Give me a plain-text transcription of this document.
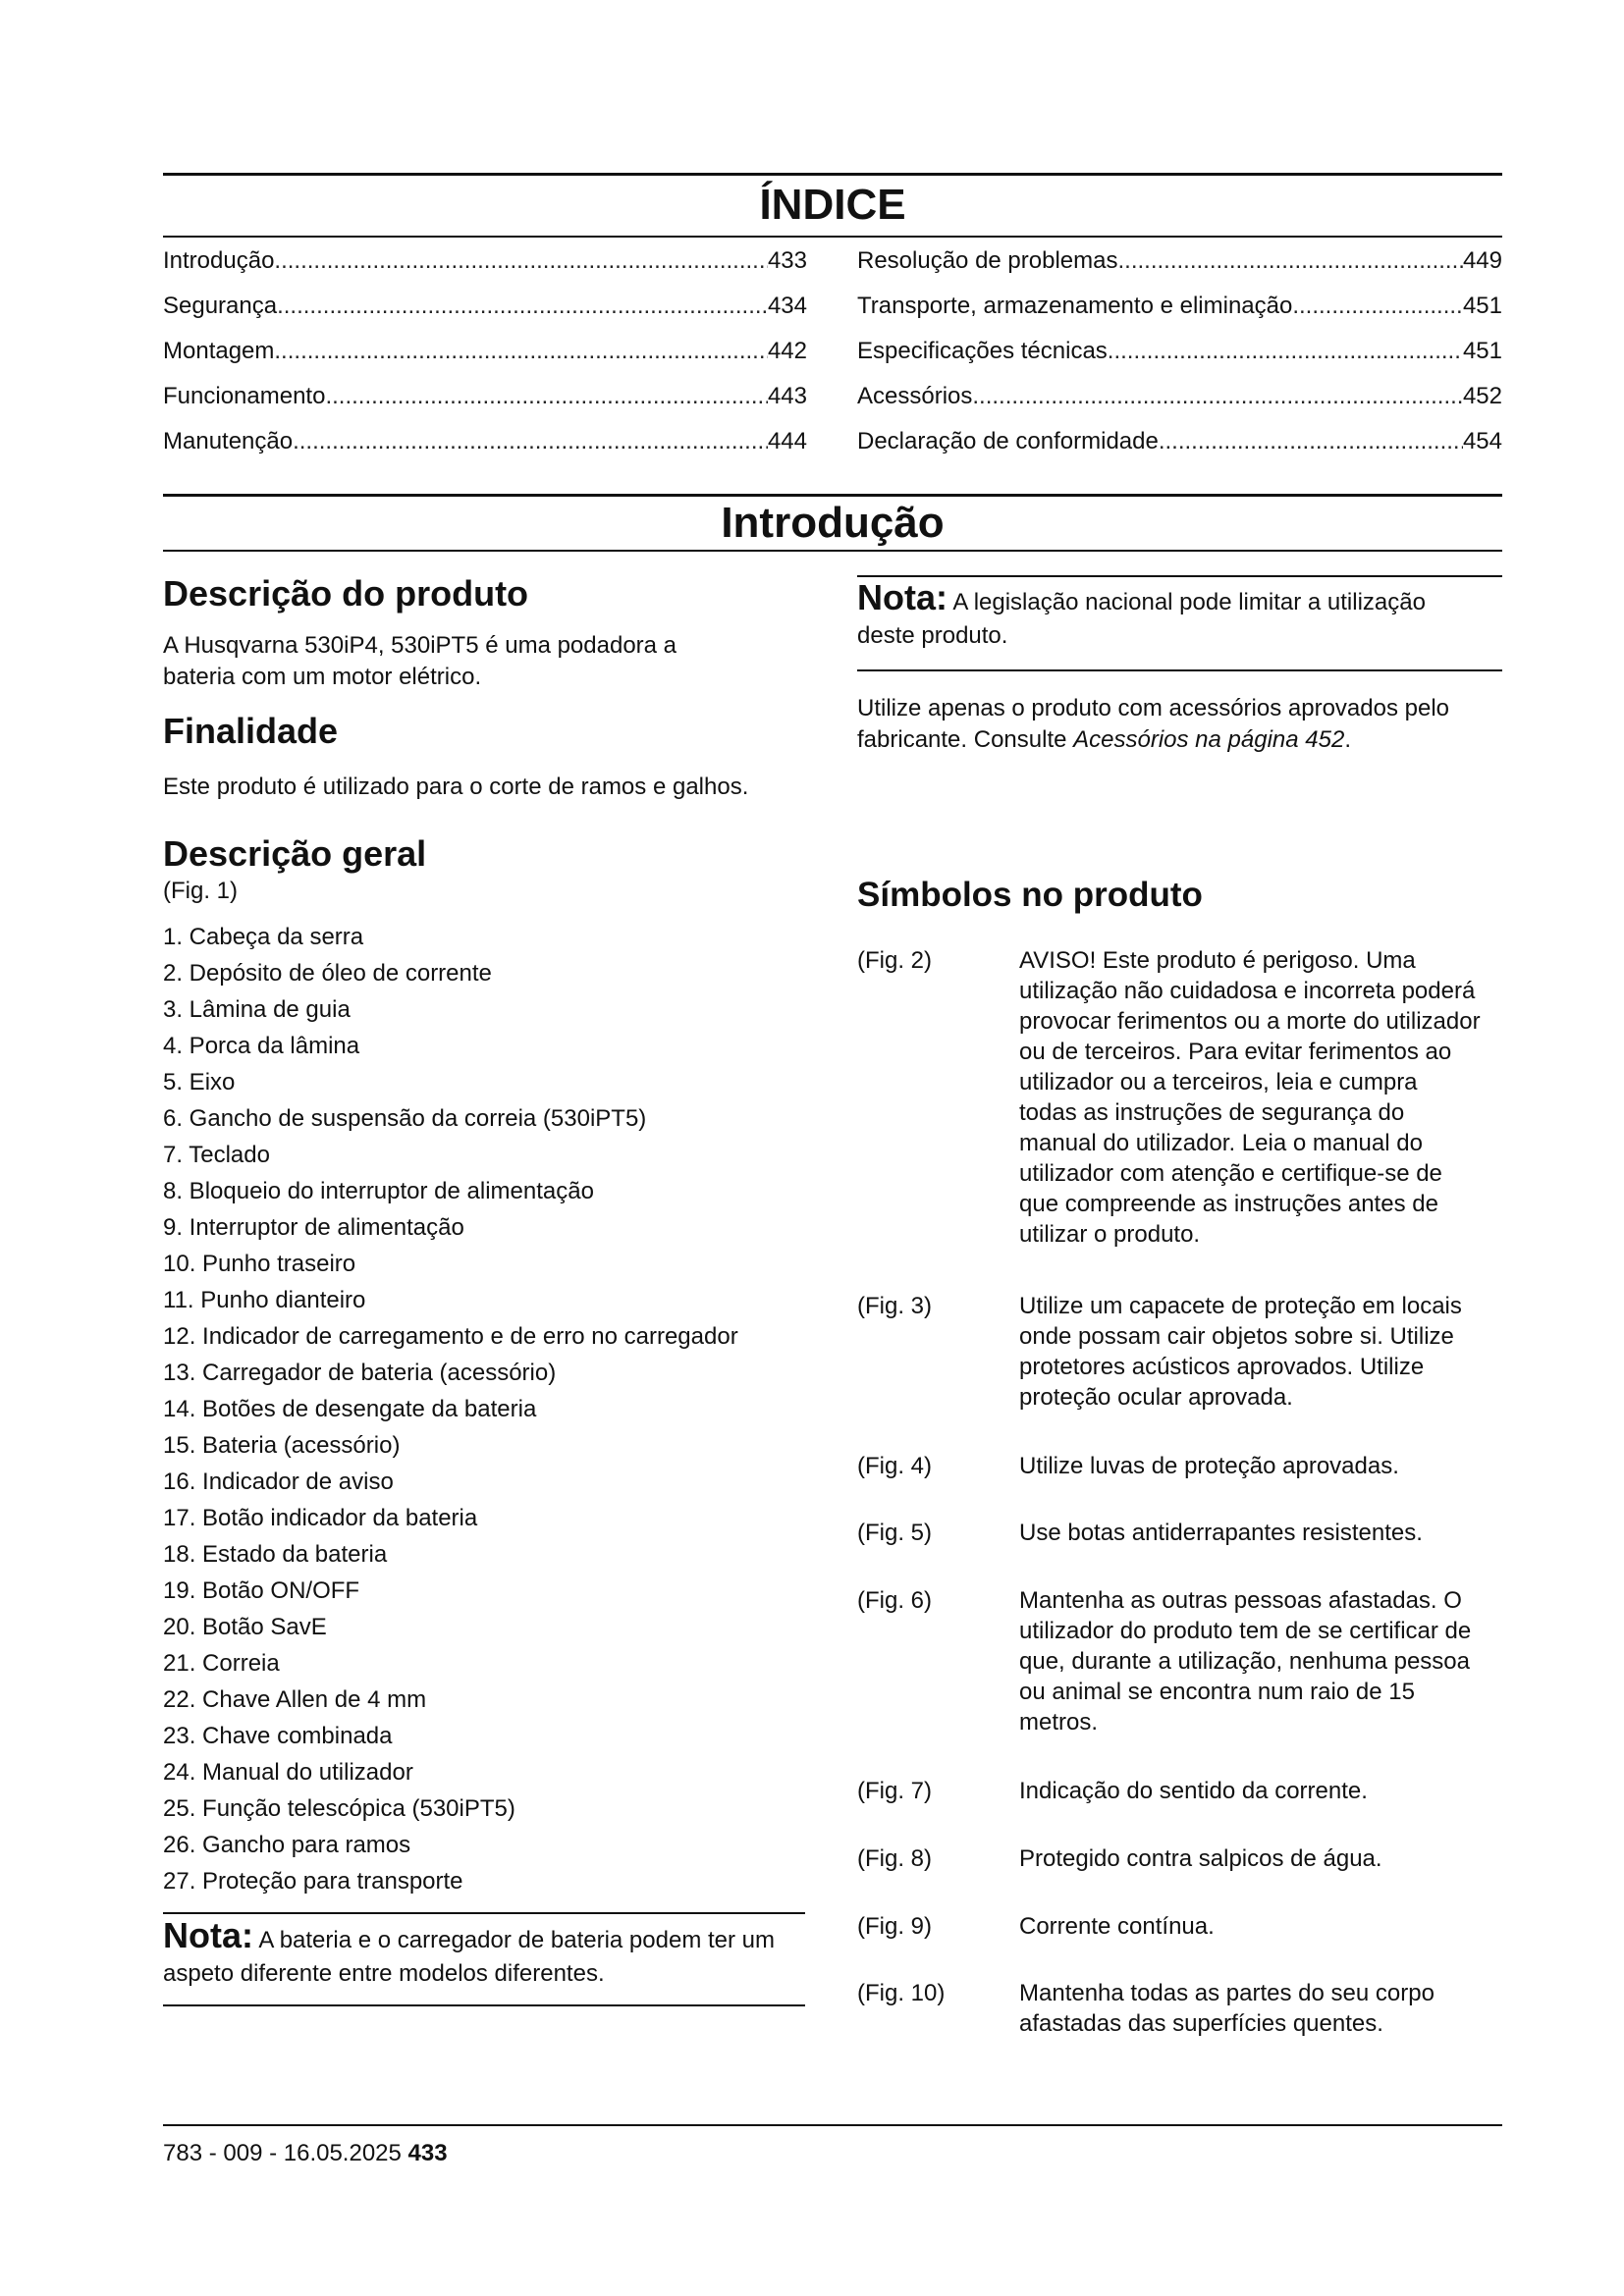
ÍNDICE
Introdução .....	433
Segurança .....	434
Montagem .....	442
Funcionamento .....	443
Manutenção .....	444
Resolução de problemas .....	449
Transporte, armazenamento e eliminação .....	451
Especificações técnicas .....	451
Acessórios .....	452
Declaração de conformidade .....	454
Introdução
Descrição do produto

A Husqvarna 530iP4, 530iPT5 é uma podadora a bateria com um motor elétrico.

Finalidade

Este produto é utilizado para o corte de ramos e galhos.

Descrição geral

(Fig. 1)

1. Cabeça da serra
2. Depósito de óleo de corrente
3. Lâmina de guia
4. Porca da lâmina
5. Eixo
6. Gancho de suspensão da correia (530iPT5)
7. Teclado
8. Bloqueio do interruptor de alimentação
9. Interruptor de alimentação
10. Punho traseiro
11. Punho dianteiro
12. Indicador de carregamento e de erro no carregador
13. Carregador de bateria (acessório)
14. Botões de desengate da bateria
15. Bateria (acessório)
16. Indicador de aviso
17. Botão indicador da bateria
18. Estado da bateria
19. Botão ON/OFF
20. Botão SavE
21. Correia
22. Chave Allen de 4 mm
23. Chave combinada
24. Manual do utilizador
25. Função telescópica (530iPT5)
26. Gancho para ramos
27. Proteção para transporte

Nota: A bateria e o carregador de bateria podem ter um aspeto diferente entre modelos diferentes.

Nota: A legislação nacional pode limitar a utilização deste produto.

Utilize apenas o produto com acessórios aprovados pelo fabricante. Consulte Acessórios na página 452.

Símbolos no produto
(Fig. 2)	AVISO! Este produto é perigoso. Uma utilização não cuidadosa e incorreta poderá provocar ferimentos ou a morte do utilizador ou de terceiros. Para evitar ferimentos ao utilizador ou a terceiros, leia e cumpra todas as instruções de segurança do manual do utilizador. Leia o manual do utilizador com atenção e certifique-se de que compreende as instruções antes de utilizar o produto.
(Fig. 3)	Utilize um capacete de proteção em locais onde possam cair objetos sobre si. Utilize protetores acústicos aprovados. Utilize proteção ocular aprovada.
(Fig. 4)	Utilize luvas de proteção aprovadas.
(Fig. 5)	Use botas antiderrapantes resistentes.
(Fig. 6)	Mantenha as outras pessoas afastadas. O utilizador do produto tem de se certificar de que, durante a utilização, nenhuma pessoa ou animal se encontra num raio de 15 metros.
(Fig. 7)	Indicação do sentido da corrente.
(Fig. 8)	Protegido contra salpicos de água.
(Fig. 9)	Corrente contínua.
(Fig. 10)	Mantenha todas as partes do seu corpo afastadas das superfícies quentes.
783 - 009 - 16.05.2025 433
